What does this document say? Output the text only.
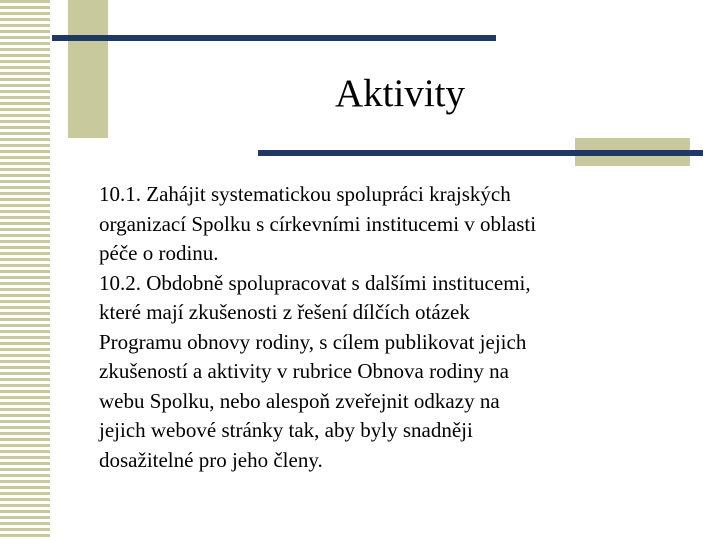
Aktivity

10.1. Zahájit systematickou spolupráci krajských
organizací Spolku s církevními institucemi v oblasti
péče o rodinu.

10.2. Obdobně spolupracovat s dalšími institucemi,
které mají zkušenosti z řešení dílčích otázek
Programu obnovy rodiny, s cílem publikovat jejich
zkušeností a aktivity v rubrice Obnova rodiny na
webu Spolku, nebo alespoň zveřejnit odkazy na
jejich webové stránky tak, aby byly snadněji
dosažitelné pro jeho členy.
